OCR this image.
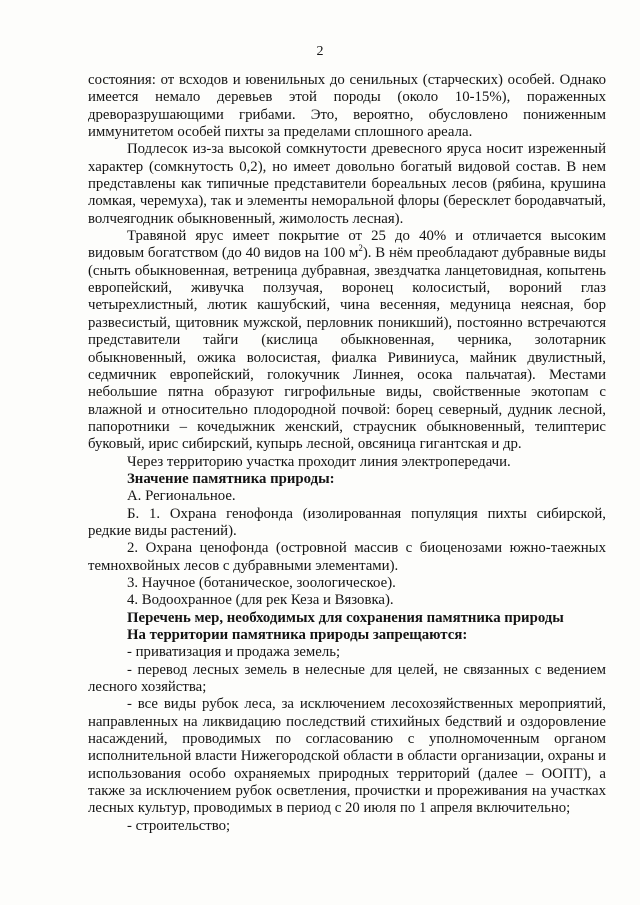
2

состояния: от всходов и ювенильных до сенильных (старческих) особей. Однако имеется немало деревьев этой породы (около 10-15%), пораженных древоразрушающими грибами. Это, вероятно, обусловлено пониженным иммунитетом особей пихты за пределами сплошного ареала.

Подлесок из-за высокой сомкнутости древесного яруса носит изреженный характер (сомкнутость 0,2), но имеет довольно богатый видовой состав. В нем представлены как типичные представители бореальных лесов (рябина, крушина ломкая, черемуха), так и элементы неморальной флоры (бересклет бородавчатый, волчеягодник обыкновенный, жимолость лесная).

Травяной ярус имеет покрытие от 25 до 40% и отличается высоким видовым богатством (до 40 видов на 100 $м^2$). В нём преобладают дубравные виды (сныть обыкновенная, ветреница дубравная, звездчатка ланцетовидная, копытень европейский, живучка ползучая, воронец колосистый, вороний глаз четырехлистный, лютик кашубский, чина весенняя, медуница неясная, бор развесистый, щитовник мужской, перловник поникший), постоянно встречаются представители тайги (кислица обыкновенная, черника, золотарник обыкновенный, ожика волосистая, фиалка Ривиниуса, майник двулистный, седмичник европейский, голокучник Линнея, осока пальчатая). Местами небольшие пятна образуют гигрофильные виды, свойственные экотопам с влажной и относительно плодородной почвой: борец северный, дудник лесной, папоротники – кочедыжник женский, страусник обыкновенный, телиптерис буковый, ирис сибирский, купырь лесной, овсяница гигантская и др.

Через территорию участка проходит линия электропередачи.

Значение памятника природы:

А. Региональное.

Б. 1. Охрана генофонда (изолированная популяция пихты сибирской, редкие виды растений).

2. Охрана ценофонда (островной массив с биоценозами южно-таежных темнохвойных лесов с дубравными элементами).

3. Научное (ботаническое, зоологическое).

4. Водоохранное (для рек Кеза и Вязовка).

Перечень мер, необходимых для сохранения памятника природы

На территории памятника природы запрещаются:

- приватизация и продажа земель;

- перевод лесных земель в нелесные для целей, не связанных с ведением лесного хозяйства;

- все виды рубок леса, за исключением лесохозяйственных мероприятий, направленных на ликвидацию последствий стихийных бедствий и оздоровление насаждений, проводимых по согласованию с уполномоченным органом исполнительной власти Нижегородской области в области организации, охраны и использования особо охраняемых природных территорий (далее – ООПТ), а также за исключением рубок осветления, прочистки и прореживания на участках лесных культур, проводимых в период с 20 июля по 1 апреля включительно;

- строительство;
